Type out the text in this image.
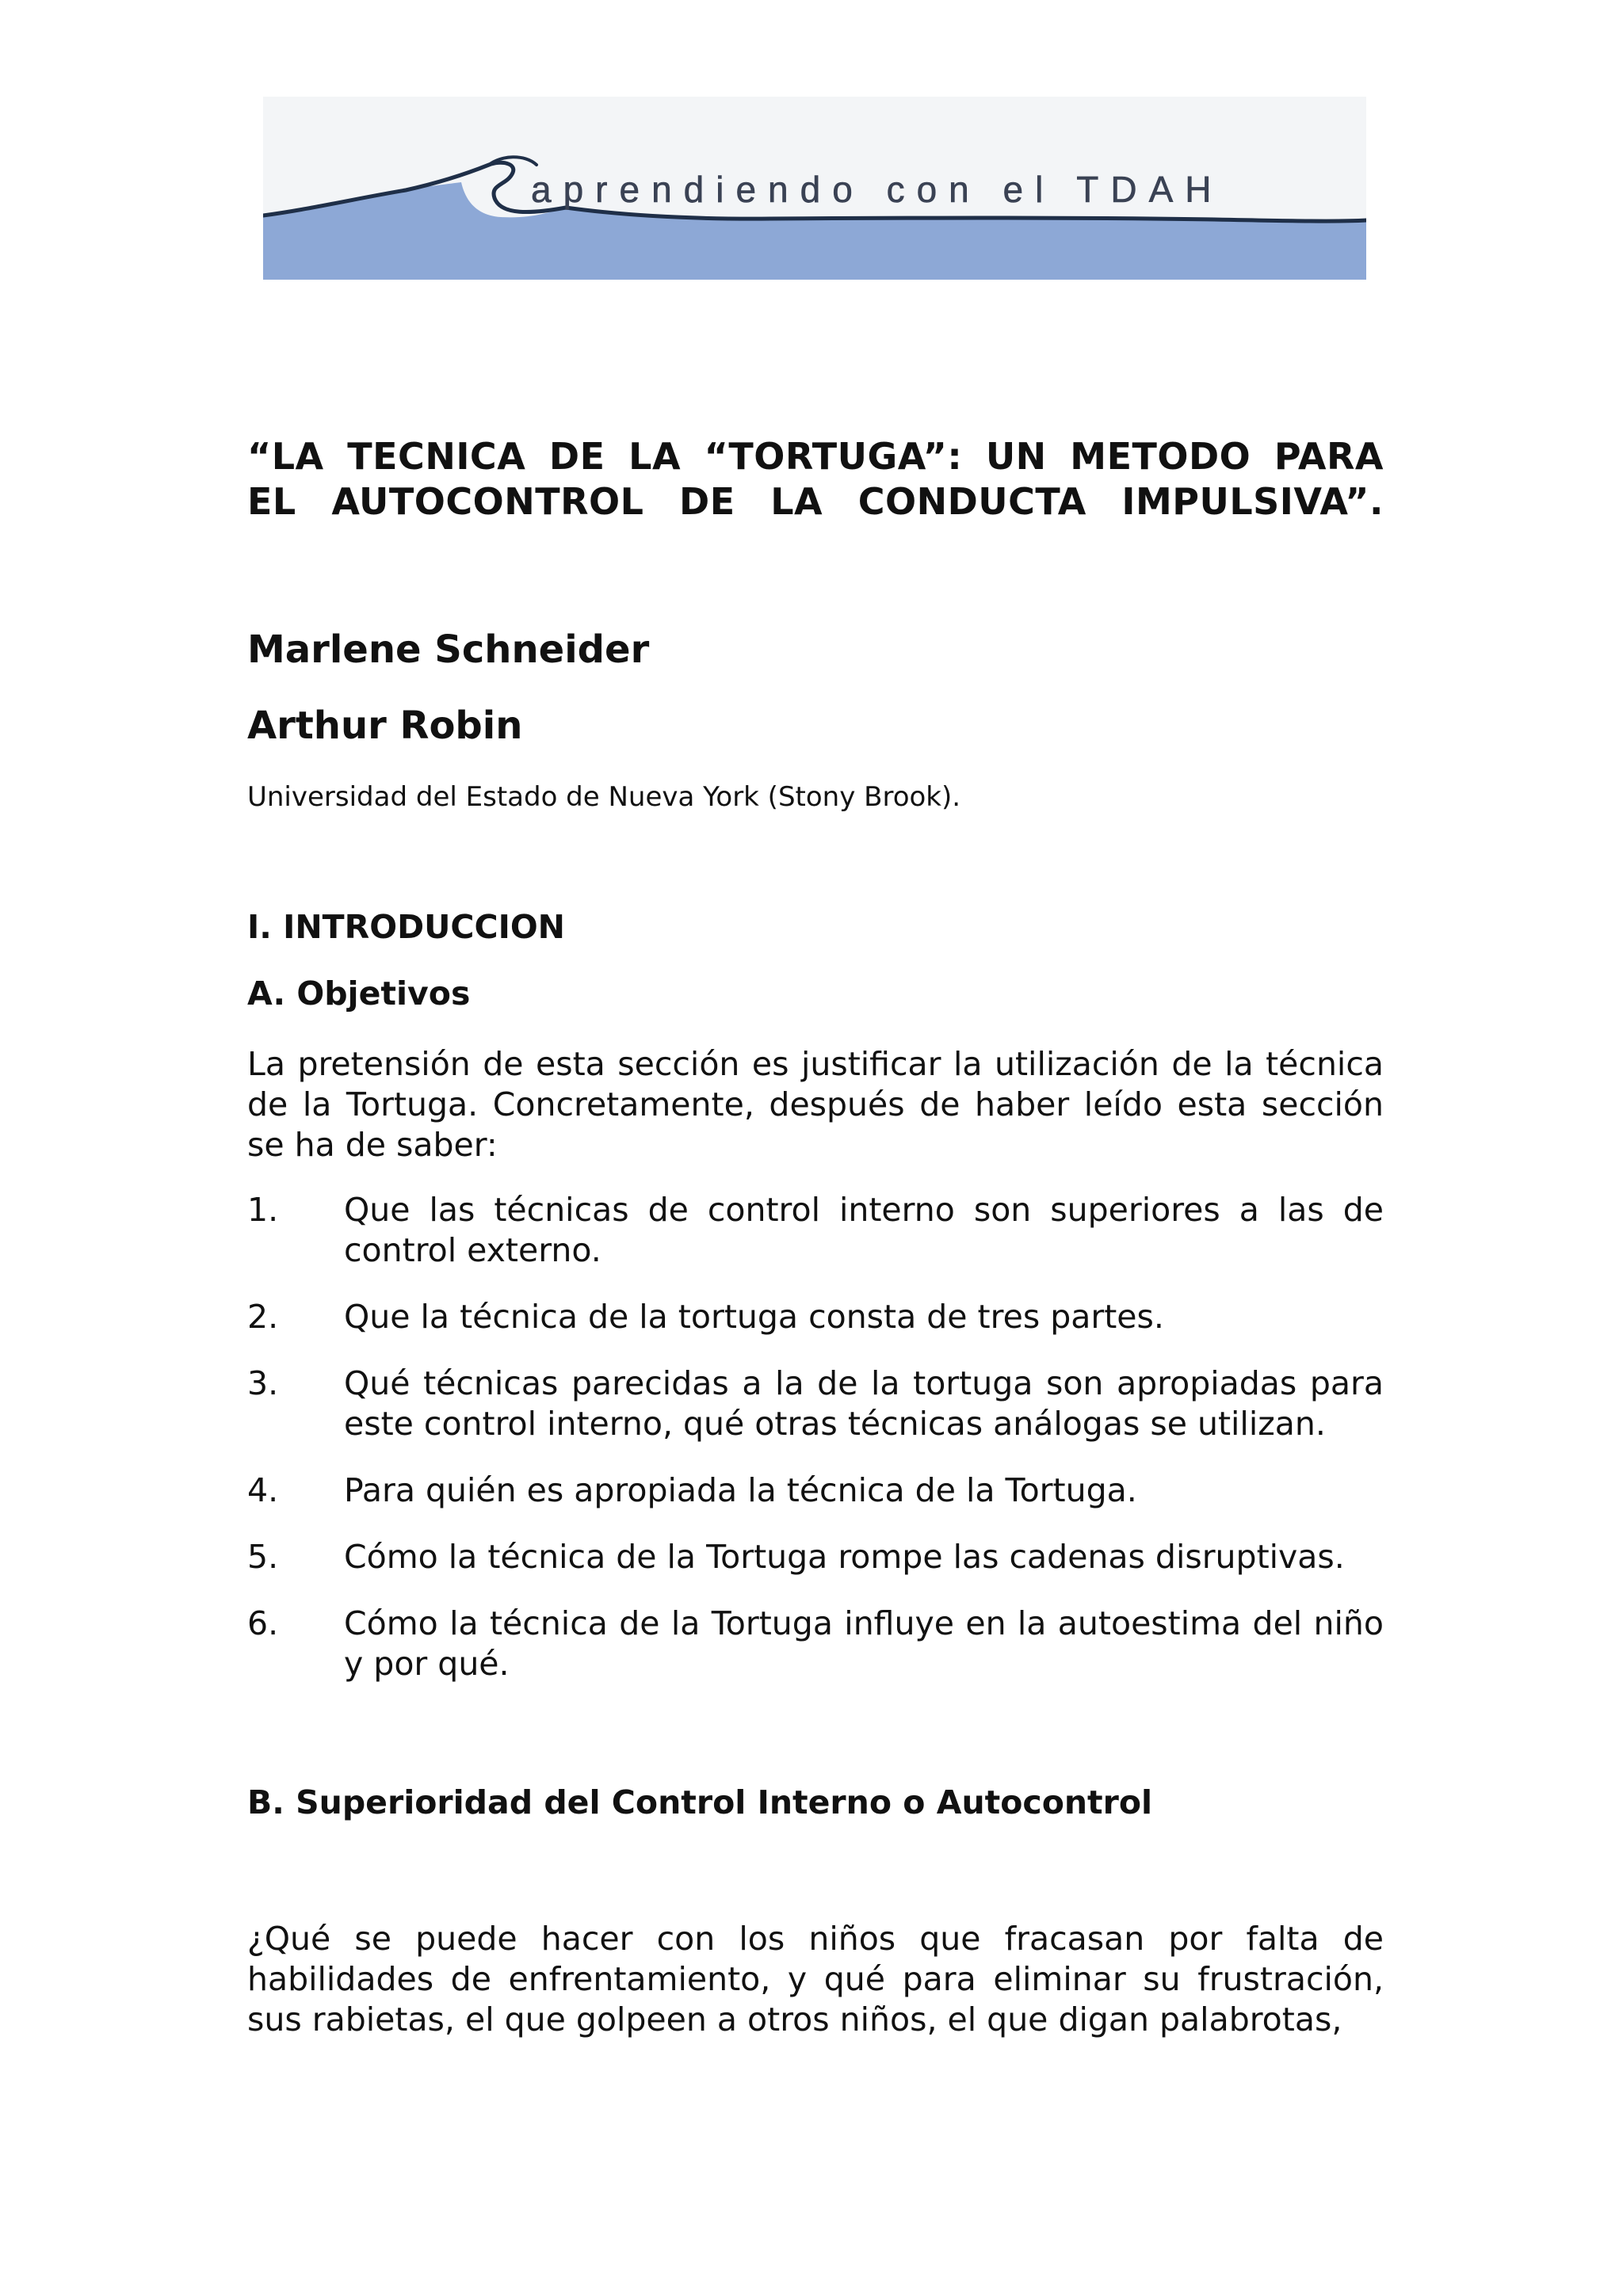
aprendiendo con el TDAH
“LA TECNICA DE LA “TORTUGA”: UN METODO PARA
EL AUTOCONTROL DE LA CONDUCTA IMPULSIVA”.

Marlene Schneider

Arthur Robin

Universidad del Estado de Nueva York (Stony Brook).

I. INTRODUCCION

A. Objetivos

La pretensión de esta sección es justificar la utilización de la técnica de la Tortuga. Concretamente, después de haber leído esta sección se ha de saber:

1. Que las técnicas de control interno son superiores a las de control externo.
2. Que la técnica de la tortuga consta de tres partes.
3. Qué técnicas parecidas a la de la tortuga son apropiadas para este control interno, qué otras técnicas análogas se utilizan.
4. Para quién es apropiada la técnica de la Tortuga.
5. Cómo la técnica de la Tortuga rompe las cadenas disruptivas.
6. Cómo la técnica de la Tortuga influye en la autoestima del niño y por qué.

B. Superioridad del Control Interno o Autocontrol

¿Qué se puede hacer con los niños que fracasan por falta de habilidades de enfrentamiento, y qué para eliminar su frustración, sus rabietas, el que golpeen a otros niños, el que digan palabrotas,
